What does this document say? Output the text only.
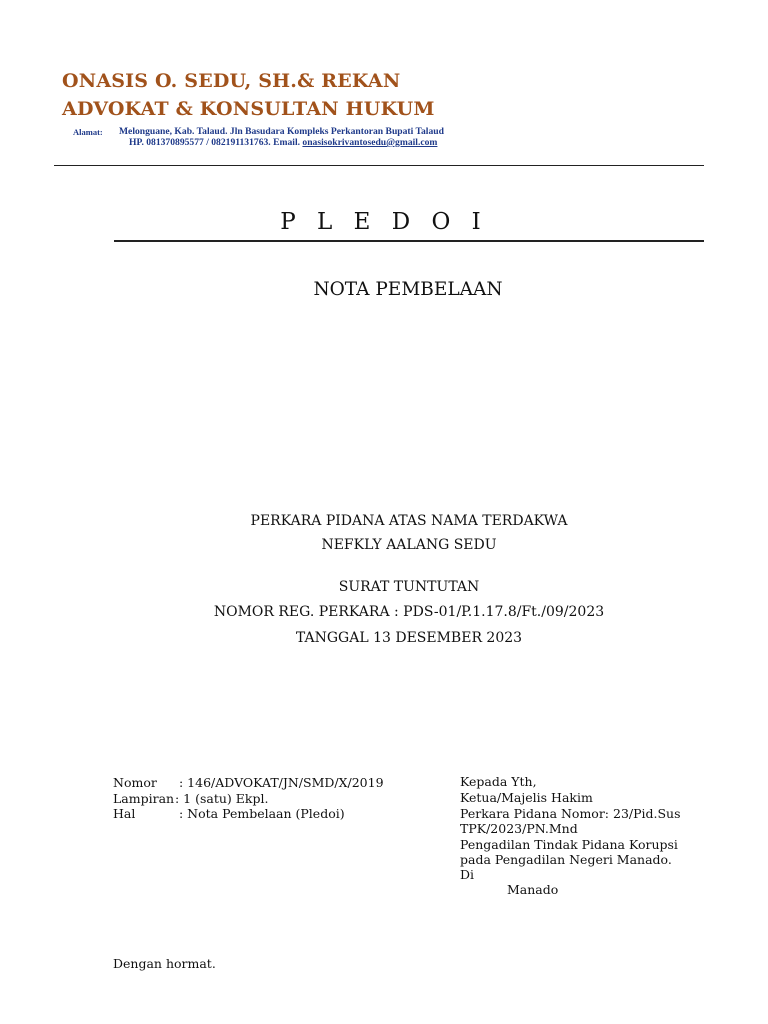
ONASIS O. SEDU, SH.& REKAN
ADVOKAT & KONSULTAN HUKUM
Alamat: Melonguane, Kab. Talaud. Jln Basudara Kompleks Perkantoran Bupati Talaud
HP. 081370895577 / 082191131763. Email. onasisokrivantosedu@gmail.com
P L E D O I
NOTA PEMBELAAN
PERKARA PIDANA ATAS NAMA TERDAKWA
NEFKLY AALANG SEDU
SURAT TUNTUTAN
NOMOR REG. PERKARA : PDS-01/P.1.17.8/Ft./09/2023
TANGGAL 13 DESEMBER 2023
Nomor : 146/ADVOKAT/JN/SMD/X/2019
Lampiran : 1 (satu) Ekpl.
Hal	: Nota Pembelaan (Pledoi)
Kepada Yth,
Ketua/Majelis Hakim
Perkara Pidana Nomor: 23/Pid.Sus
TPK/2023/PN.Mnd
Pengadilan Tindak Pidana Korupsi
pada Pengadilan Negeri Manado.
Di
Manado
Dengan hormat.
